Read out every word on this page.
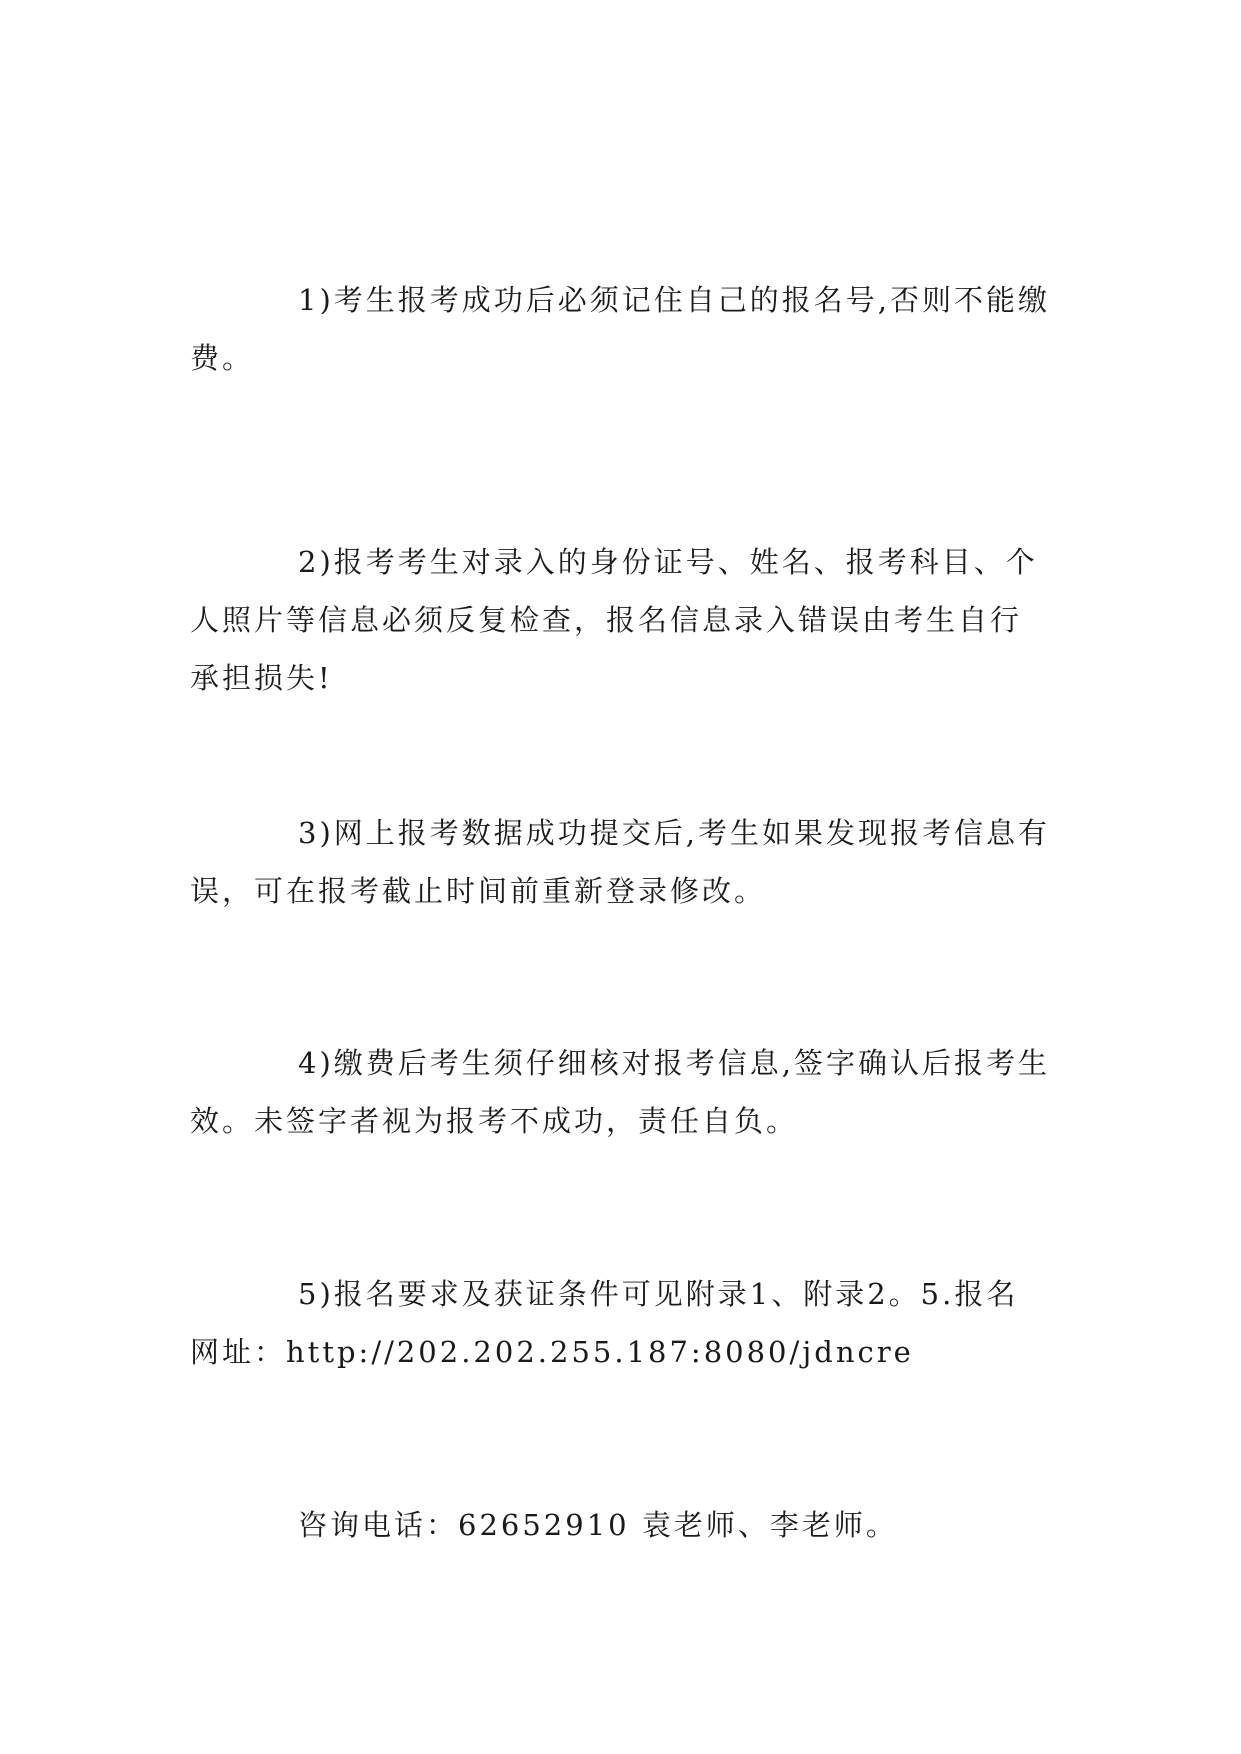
1)考生报考成功后必须记住自己的报名号,否则不能缴费。

2)报考考生对录入的身份证号、姓名、报考科目、个人照片等信息必须反复检查，报名信息录入错误由考生自行承担损失!

3)网上报考数据成功提交后,考生如果发现报考信息有误，可在报考截止时间前重新登录修改。

4)缴费后考生须仔细核对报考信息,签字确认后报考生效。未签字者视为报考不成功，责任自负。

5)报名要求及获证条件可见附录1、附录2。5.报名网址：http://202.202.255.187:8080/jdncre

咨询电话：62652910 袁老师、李老师。
